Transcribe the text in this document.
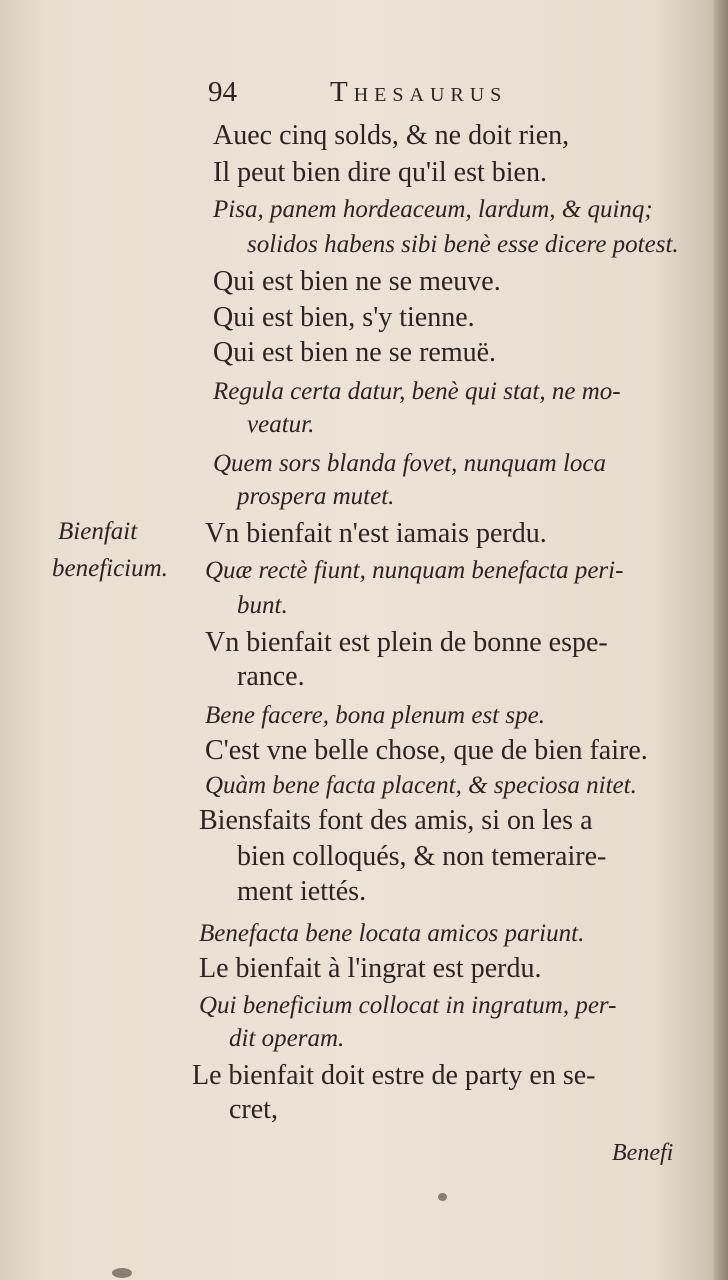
94	Thesaurus
Auec cinq solds, & ne doit rien,
Il peut bien dire qu'il est bien.
Pisa, panem hordeaceum, lardum, & quinq;
solidos habens sibi benè esse dicere potest.
Qui est bien ne se meuve.
Qui est bien, s'y tienne.
Qui est bien ne se remuë.
Regula certa datur, benè qui stat, ne mo-
veatur.
Quem sors blanda fovet, nunquam loca
prospera mutet.
Vn bienfait n'est iamais perdu.
Quæ rectè fiunt, nunquam benefacta peri-
bunt.
Vn bienfait est plein de bonne espe-
rance.
Bene facere, bona plenum est spe.
C'est vne belle chose, que de bien faire.
Quàm bene facta placent, & speciosa nitet.
Biensfaits font des amis, si on les a
bien colloqués, & non temeraire-
ment iettés.
Benefacta bene locata amicos pariunt.
Le bienfait à l'ingrat est perdu.
Qui beneficium collocat in ingratum, per-
dit operam.
Le bienfait doit estre de party en se-
cret,
Bienfait
beneficium.
Benefi
